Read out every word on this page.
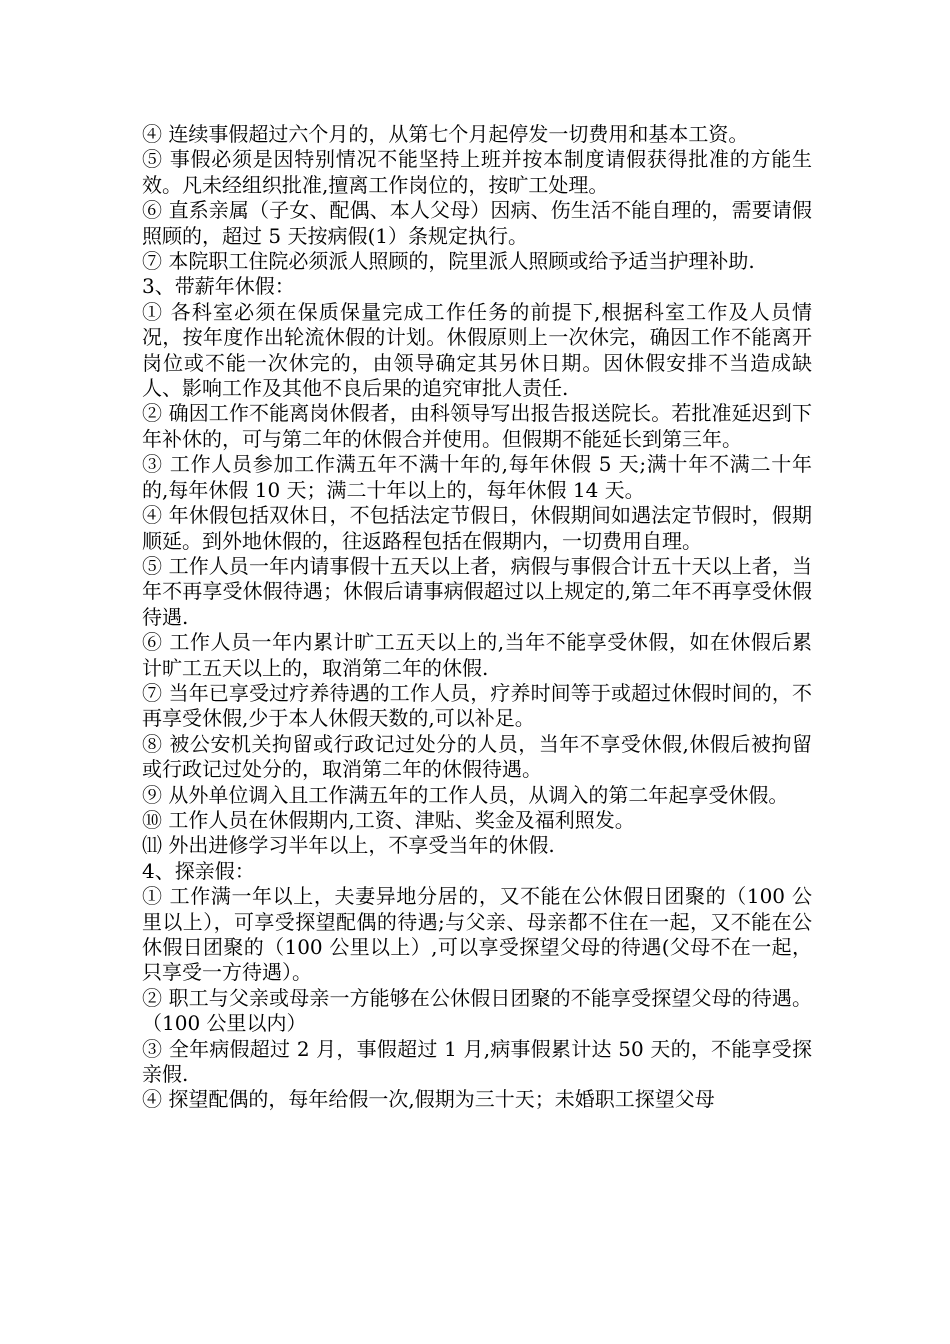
④ 连续事假超过六个月的，从第七个月起停发一切费用和基本工资。

⑤ 事假必须是因特别情况不能坚持上班并按本制度请假获得批准的方能生效。凡未经组织批准,擅离工作岗位的，按旷工处理。

⑥ 直系亲属（子女、配偶、本人父母）因病、伤生活不能自理的，需要请假照顾的，超过 5 天按病假(1）条规定执行。

⑦ 本院职工住院必须派人照顾的，院里派人照顾或给予适当护理补助.

3、带薪年休假：

① 各科室必须在保质保量完成工作任务的前提下,根据科室工作及人员情况，按年度作出轮流休假的计划。休假原则上一次休完，确因工作不能离开岗位或不能一次休完的，由领导确定其另休日期。因休假安排不当造成缺人、影响工作及其他不良后果的追究审批人责任.

② 确因工作不能离岗休假者，由科领导写出报告报送院长。若批准延迟到下年补休的，可与第二年的休假合并使用。但假期不能延长到第三年。

③ 工作人员参加工作满五年不满十年的,每年休假 5 天;满十年不满二十年的,每年休假 10 天；满二十年以上的，每年休假 14 天。

④ 年休假包括双休日，不包括法定节假日，休假期间如遇法定节假时，假期顺延。到外地休假的，往返路程包括在假期内，一切费用自理。

⑤ 工作人员一年内请事假十五天以上者，病假与事假合计五十天以上者，当年不再享受休假待遇；休假后请事病假超过以上规定的,第二年不再享受休假待遇.

⑥ 工作人员一年内累计旷工五天以上的,当年不能享受休假，如在休假后累计旷工五天以上的，取消第二年的休假.

⑦ 当年已享受过疗养待遇的工作人员，疗养时间等于或超过休假时间的，不再享受休假,少于本人休假天数的,可以补足。

⑧ 被公安机关拘留或行政记过处分的人员，当年不享受休假,休假后被拘留或行政记过处分的，取消第二年的休假待遇。

⑨ 从外单位调入且工作满五年的工作人员，从调入的第二年起享受休假。

⑩ 工作人员在休假期内,工资、津贴、奖金及福利照发。

⑾ 外出进修学习半年以上，不享受当年的休假.

4、探亲假：

① 工作满一年以上，夫妻异地分居的，又不能在公休假日团聚的（100 公里以上），可享受探望配偶的待遇;与父亲、母亲都不住在一起，又不能在公休假日团聚的（100 公里以上）,可以享受探望父母的待遇(父母不在一起，只享受一方待遇）。

② 职工与父亲或母亲一方能够在公休假日团聚的不能享受探望父母的待遇。（100 公里以内）

③ 全年病假超过 2 月，事假超过 1 月,病事假累计达 50 天的，不能享受探亲假.

④ 探望配偶的，每年给假一次,假期为三十天；未婚职工探望父母
